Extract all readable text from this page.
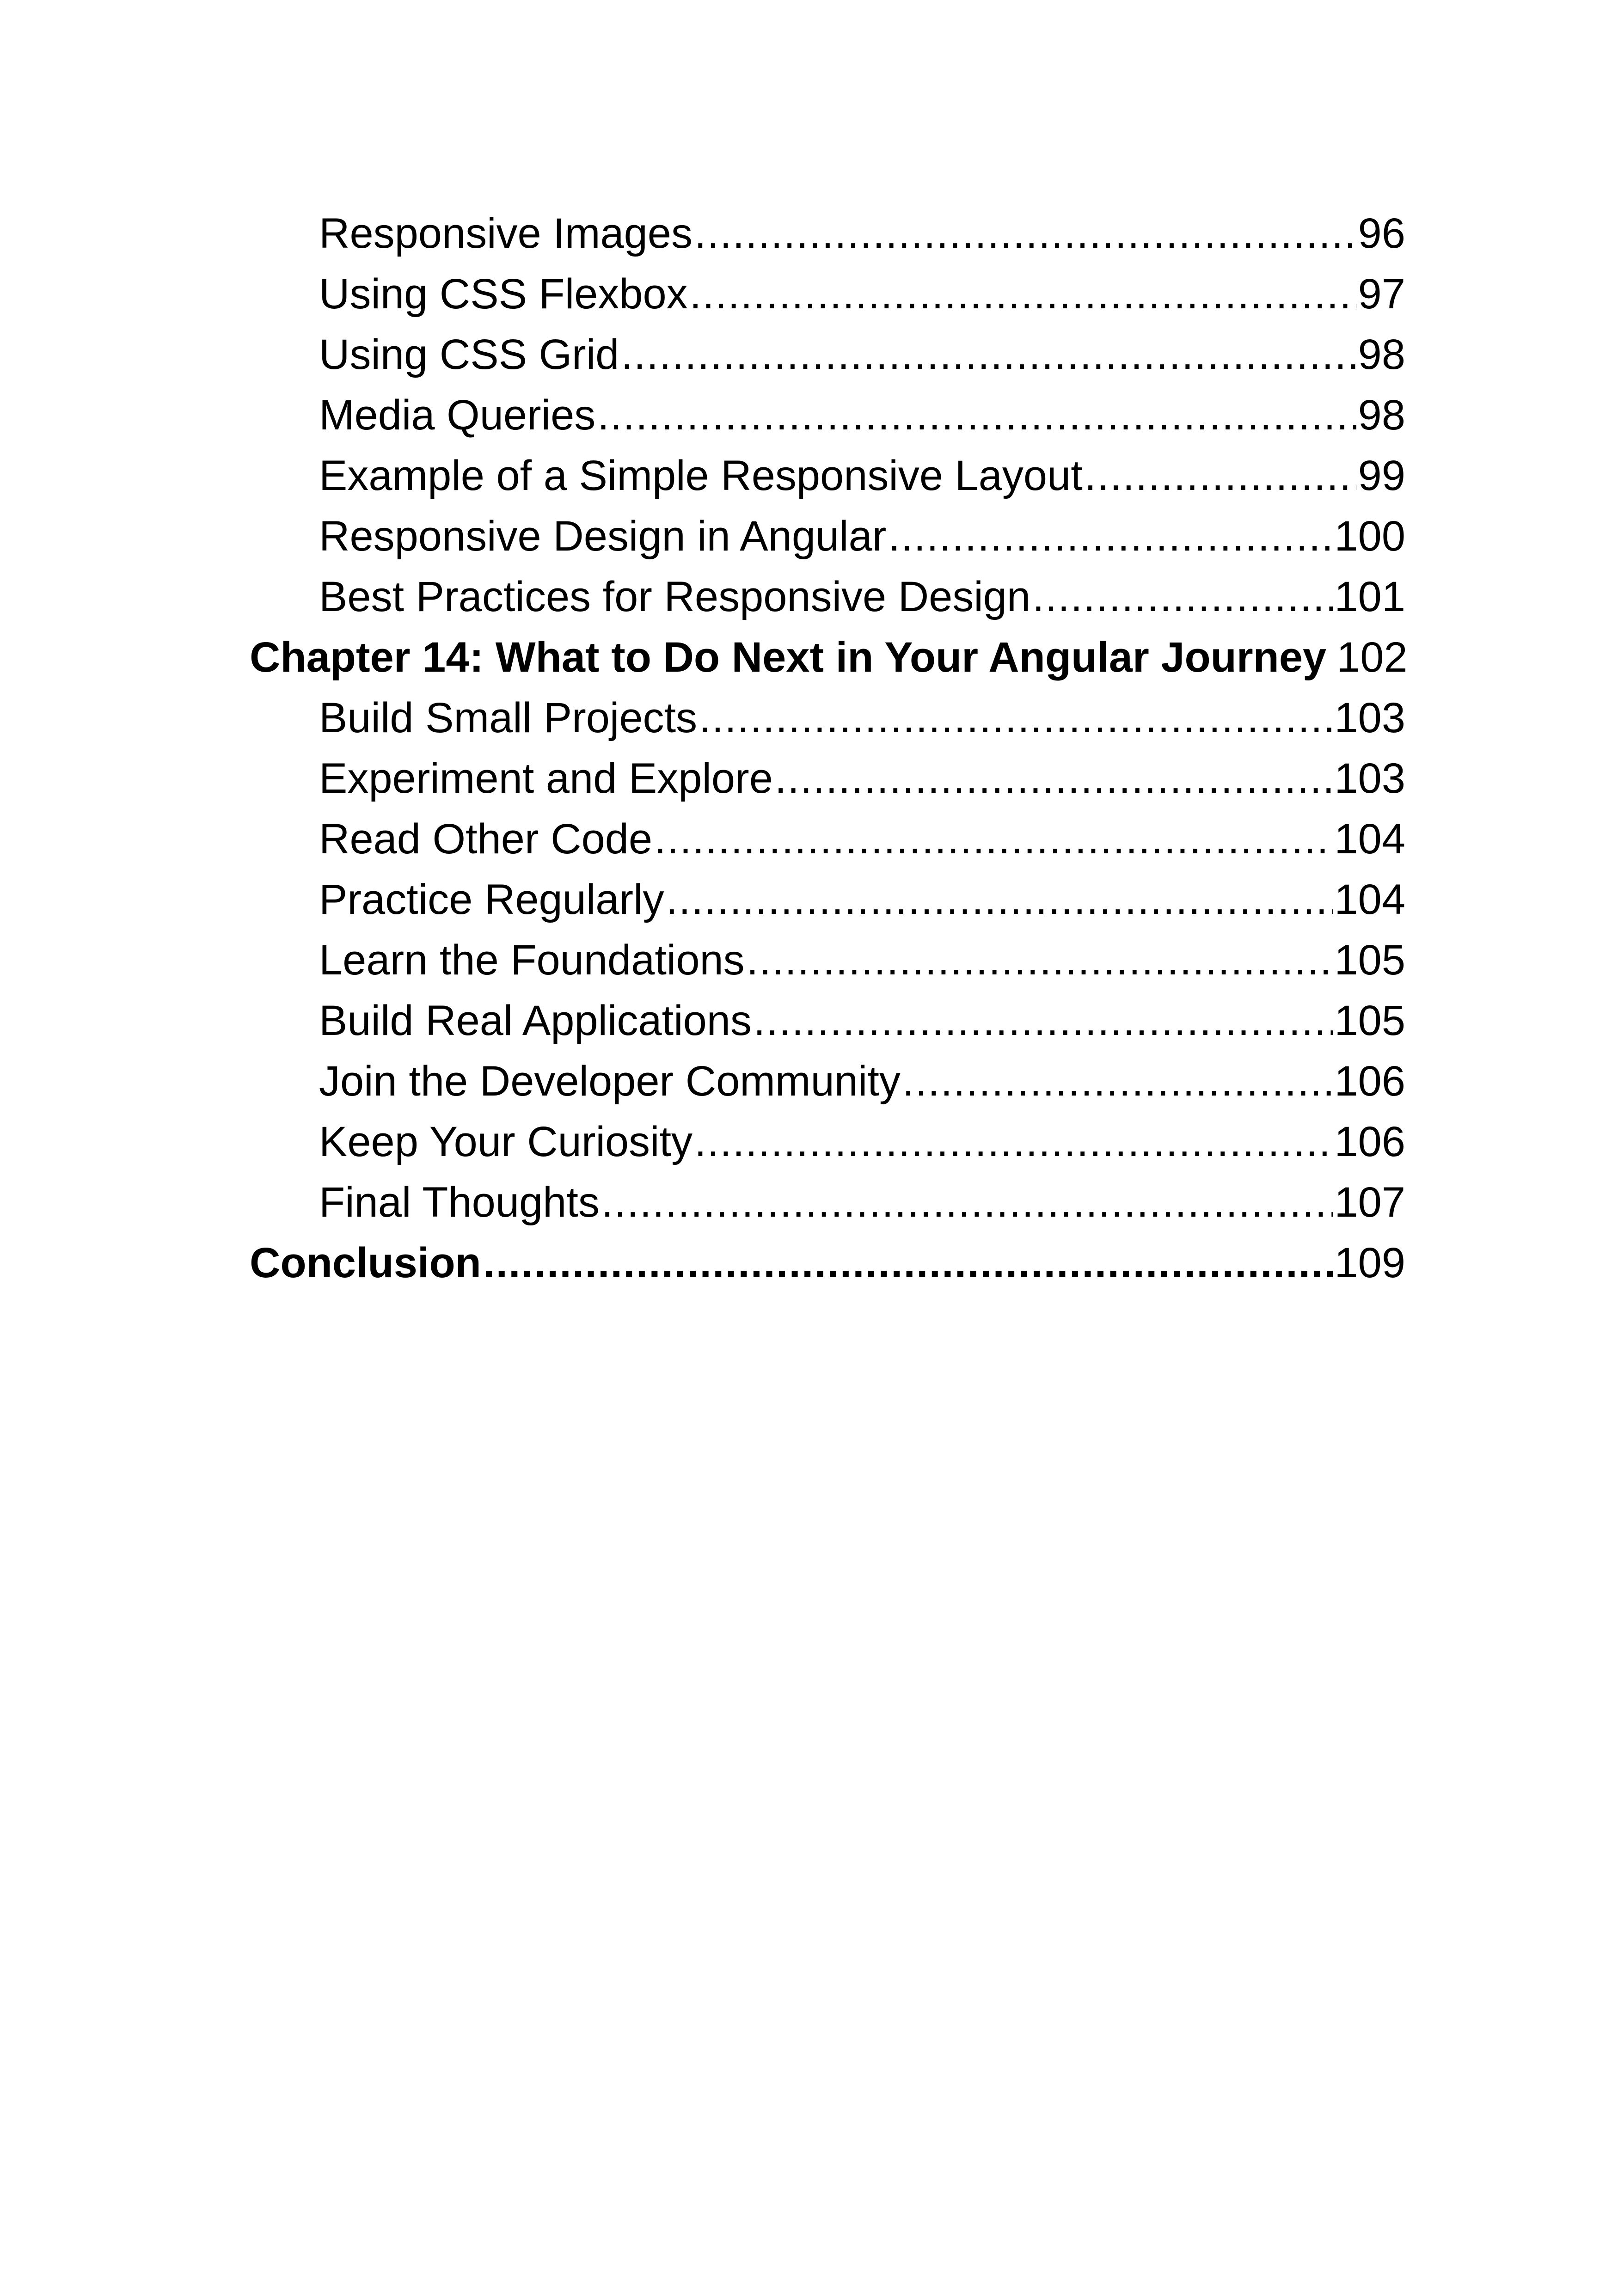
Responsive Images .....	96
Using CSS Flexbox .....	97
Using CSS Grid .....	98
Media Queries .....	98
Example of a Simple Responsive Layout .....	99
Responsive Design in Angular .....	100
Best Practices for Responsive Design .....	101
Chapter 14: What to Do Next in Your Angular Journey 102
Build Small Projects .....	103
Experiment and Explore .....	103
Read Other Code .....	104
Practice Regularly .....	104
Learn the Foundations .....	105
Build Real Applications .....	105
Join the Developer Community .....	106
Keep Your Curiosity .....	106
Final Thoughts .....	107
Conclusion .....	109
